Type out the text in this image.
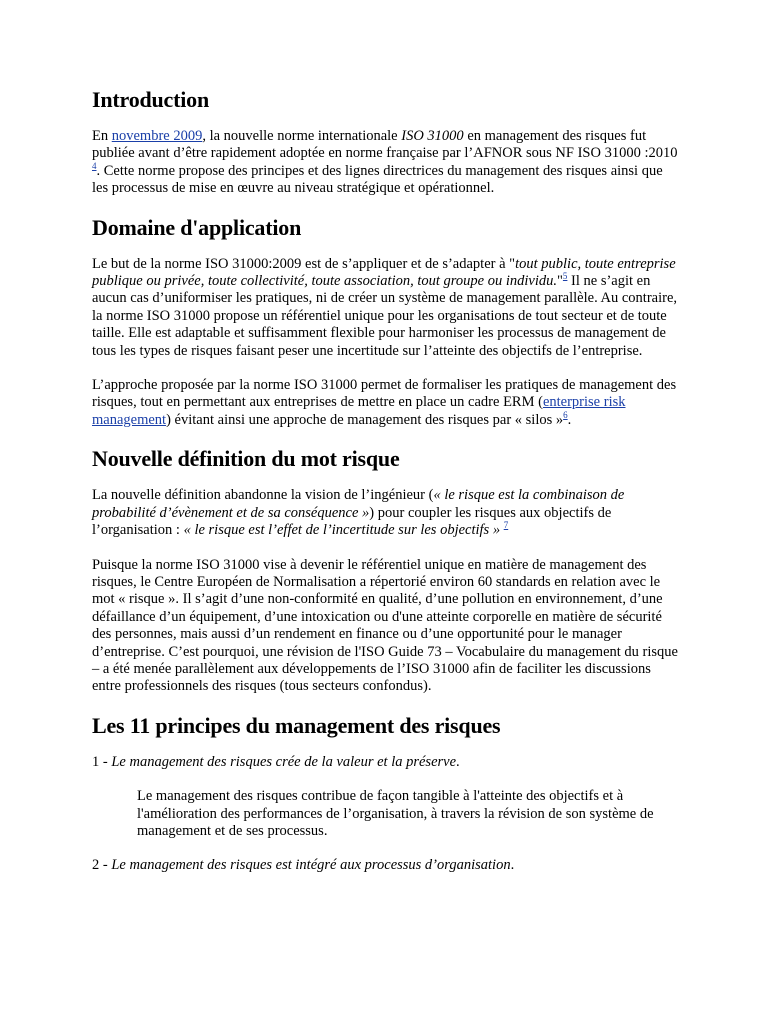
Introduction

En novembre 2009, la nouvelle norme internationale ISO 31000 en management des risques fut publiée avant d’être rapidement adoptée en norme française par l’AFNOR sous NF ISO 31000 :2010 $^4$. Cette norme propose des principes et des lignes directrices du management des risques ainsi que les processus de mise en œuvre au niveau stratégique et opérationnel.

Domaine d'application

Le but de la norme ISO 31000:2009 est de s’appliquer et de s’adapter à "tout public, toute entreprise publique ou privée, toute collectivité, toute association, tout groupe ou individu."$^5$ Il ne s’agit en aucun cas d’uniformiser les pratiques, ni de créer un système de management parallèle. Au contraire, la norme ISO 31000 propose un référentiel unique pour les organisations de tout secteur et de toute taille. Elle est adaptable et suffisamment flexible pour harmoniser les processus de management de tous les types de risques faisant peser une incertitude sur l’atteinte des objectifs de l’entreprise.

L’approche proposée par la norme ISO 31000 permet de formaliser les pratiques de management des risques, tout en permettant aux entreprises de mettre en place un cadre ERM (enterprise risk management) évitant ainsi une approche de management des risques par « silos »$^6$.

Nouvelle définition du mot risque

La nouvelle définition abandonne la vision de l’ingénieur (« le risque est la combinaison de probabilité d’évènement et de sa conséquence ») pour coupler les risques aux objectifs de l’organisation : « le risque est l’effet de l’incertitude sur les objectifs » $^7$

Puisque la norme ISO 31000 vise à devenir le référentiel unique en matière de management des risques, le Centre Européen de Normalisation a répertorié environ 60 standards en relation avec le mot « risque ». Il s’agit d’une non-conformité en qualité, d’une pollution en environnement, d’une défaillance d’un équipement, d’une intoxication ou d'une atteinte corporelle en matière de sécurité des personnes, mais aussi d’un rendement en finance ou d’une opportunité pour le manager d’entreprise. C’est pourquoi, une révision de l'ISO Guide 73 – Vocabulaire du management du risque – a été menée parallèlement aux développements de l’ISO 31000 afin de faciliter les discussions entre professionnels des risques (tous secteurs confondus).

Les 11 principes du management des risques

1 - Le management des risques crée de la valeur et la préserve.

Le management des risques contribue de façon tangible à l'atteinte des objectifs et à l'amélioration des performances de l’organisation, à travers la révision de son système de management et de ses processus.

2 - Le management des risques est intégré aux processus d’organisation.
